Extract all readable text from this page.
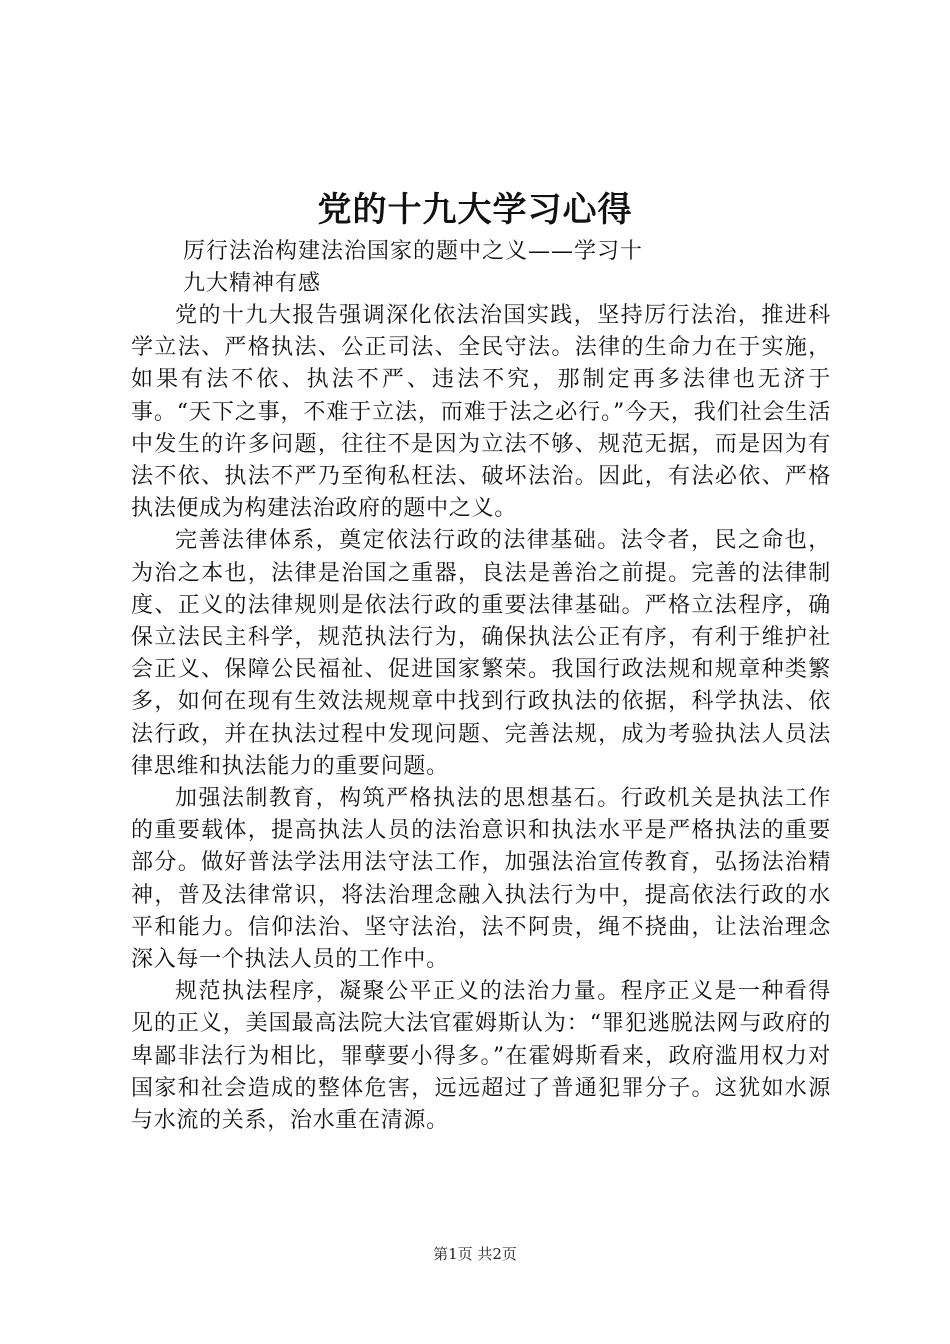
党的十九大学习心得
厉行法治构建法治国家的题中之义——学习十九大精神有感

党的十九大报告强调深化依法治国实践，坚持厉行法治，推进科学立法、严格执法、公正司法、全民守法。法律的生命力在于实施，如果有法不依、执法不严、违法不究，那制定再多法律也无济于事。“天下之事，不难于立法，而难于法之必行。”今天，我们社会生活中发生的许多问题，往往不是因为立法不够、规范无据，而是因为有法不依、执法不严乃至徇私枉法、破坏法治。因此，有法必依、严格执法便成为构建法治政府的题中之义。

完善法律体系，奠定依法行政的法律基础。法令者，民之命也，为治之本也，法律是治国之重器，良法是善治之前提。完善的法律制度、正义的法律规则是依法行政的重要法律基础。严格立法程序，确保立法民主科学，规范执法行为，确保执法公正有序，有利于维护社会正义、保障公民福祉、促进国家繁荣。我国行政法规和规章种类繁多，如何在现有生效法规规章中找到行政执法的依据，科学执法、依法行政，并在执法过程中发现问题、完善法规，成为考验执法人员法律思维和执法能力的重要问题。

加强法制教育，构筑严格执法的思想基石。行政机关是执法工作的重要载体，提高执法人员的法治意识和执法水平是严格执法的重要部分。做好普法学法用法守法工作，加强法治宣传教育，弘扬法治精神，普及法律常识，将法治理念融入执法行为中，提高依法行政的水平和能力。信仰法治、坚守法治，法不阿贵，绳不挠曲，让法治理念深入每一个执法人员的工作中。

规范执法程序，凝聚公平正义的法治力量。程序正义是一种看得见的正义，美国最高法院大法官霍姆斯认为：“罪犯逃脱法网与政府的卑鄙非法行为相比，罪孽要小得多。”在霍姆斯看来，政府滥用权力对国家和社会造成的整体危害，远远超过了普通犯罪分子。这犹如水源与水流的关系，治水重在清源。

第1页 共2页
